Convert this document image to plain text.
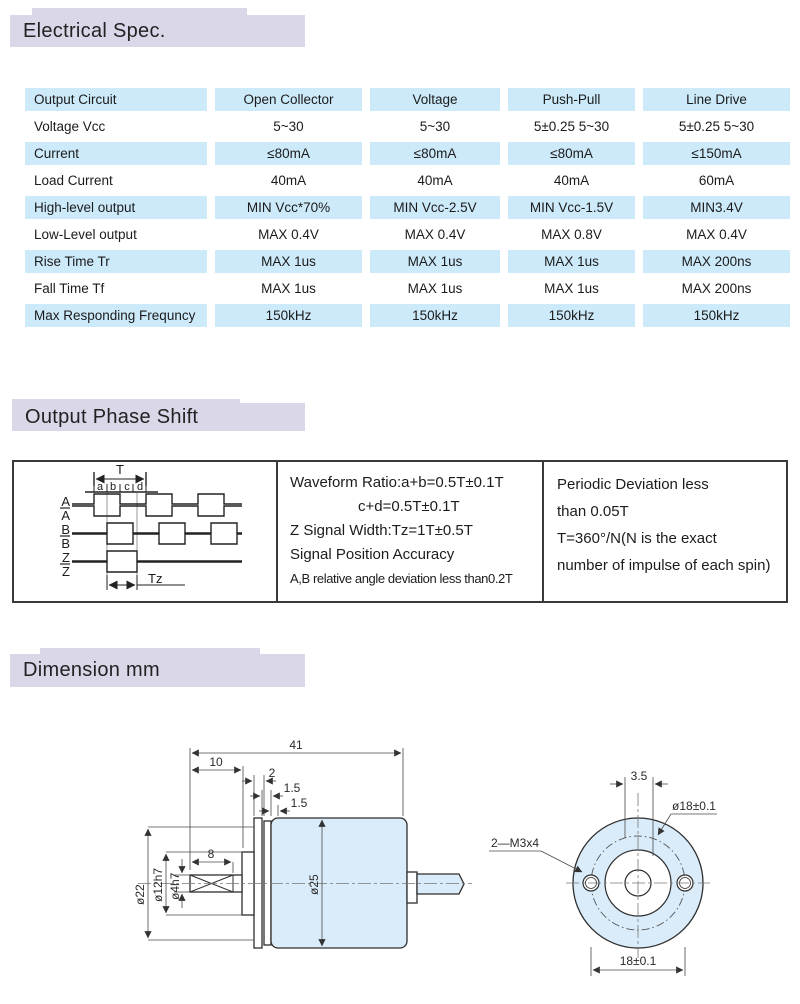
Electrical Spec.
Output Circuit	Open Collector	Voltage	Push-Pull	Line Drive
Voltage Vcc	5~30	5~30	5±0.25 5~30	5±0.25 5~30
Current	≤80mA	≤80mA	≤80mA	≤150mA
Load Current	40mA	40mA	40mA	60mA
High-level output	MIN Vcc*70%	MIN Vcc-2.5V	MIN Vcc-1.5V	MIN3.4V
Low-Level output	MAX 0.4V	MAX 0.4V	MAX 0.8V	MAX 0.4V
Rise Time Tr	MAX 1us	MAX 1us	MAX 1us	MAX 200ns
Fall Time Tf	MAX 1us	MAX 1us	MAX 1us	MAX 200ns
Max Responding Frequncy	150kHz	150kHz	150kHz	150kHz
Output Phase Shift
T
a b c d
A
A
B
B
Z
Z	Tz
Waveform Ratio:a+b=0.5T±0.1T
c+d=0.5T±0.1T
Z Signal Width:Tz=1T±0.5T
Signal Position Accuracy
A,B relative angle deviation less than0.2T
Periodic Deviation less
than 0.05T
T=360°/N(N is the exact
number of impulse of each spin)
Dimension mm
41
10
2
1.5
1.5
8
ø22 ø12h7 ø4h7	ø25
3.5
ø18±0.1
2—M3x4
18±0.1
